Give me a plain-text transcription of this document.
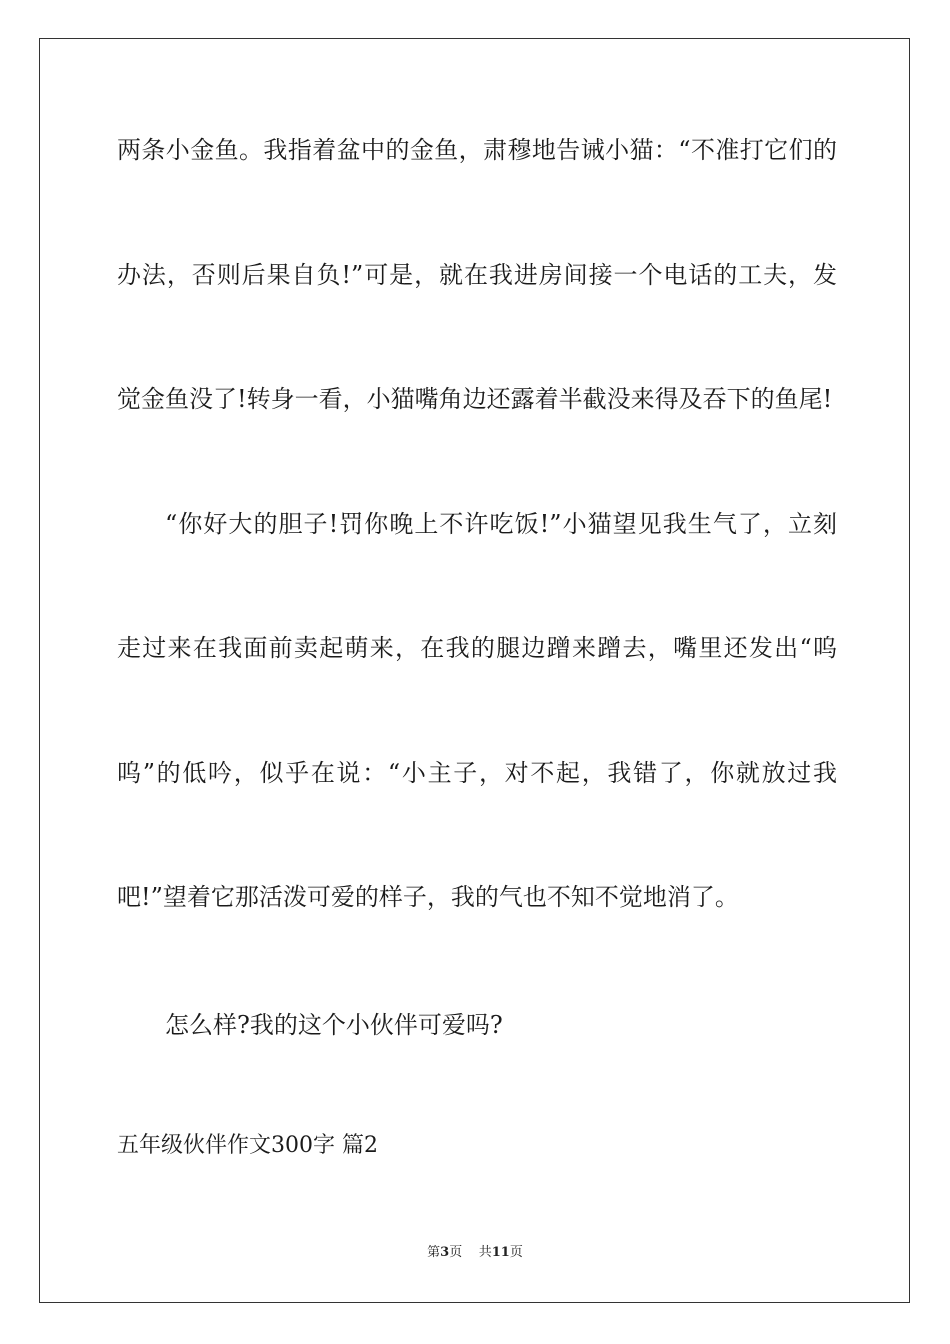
两条小金鱼。我指着盆中的金鱼，肃穆地告诫小猫：“不准打它们的
办法，否则后果自负!”可是，就在我进房间接一个电话的工夫，发
觉金鱼没了!转身一看，小猫嘴角边还露着半截没来得及吞下的鱼尾!
“你好大的胆子!罚你晚上不许吃饭!”小猫望见我生气了，立刻
走过来在我面前卖起萌来，在我的腿边蹭来蹭去，嘴里还发出“呜
呜”的低吟，似乎在说：“小主子，对不起，我错了，你就放过我
吧!”望着它那活泼可爱的样子，我的气也不知不觉地消了。
怎么样?我的这个小伙伴可爱吗?
五年级伙伴作文300字 篇2
第3页 共11页
